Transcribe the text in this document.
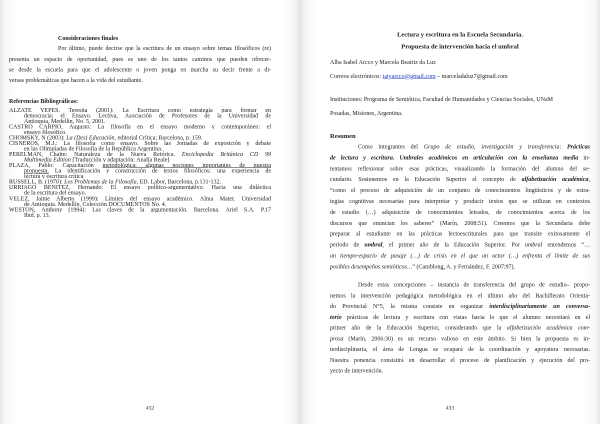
Consideraciones finales
Por último, puede decirse que la escritura de un ensayo sobre temas filosóficos (re)
presenta un espacio de oportunidad, pues es uno de los tantos caminos que pueden ofrecer-
se desde la escuela para que el adolescente o joven ponga en marcha su decir frente a di-
versas problemáticas que hacen a la vida del estudiante.
Referencias Bibliográficas:
ALZATE YEPES. Teresita (2001): La Escritura como estrategia para formar en
democracia; el Ensayo. Lectiva, Asociación de Profesores de la Universidad de
Antioquia, Medellín, No. 5, 2001.
CASTRO CARPIO, Augusto: La filosofía en el ensayo moderno y contemporáneo: el
ensayo filosófico.
CHOMSKY, N (2003): La (Des) Educación, editorial Crítica; Barcelona, p. 159.
CISNEROS, M.J.: La filosofía como ensayo. Sobre las Jornadas de exposición y debate
en las Olimpíadas de Filosofía de la República Argentina.
PERELMAN, Chaïm: Naturaleza de la Nueva Retórica. Enciclopedia Británica CD 99
Multimedia Edition [Traducción y adaptación: Analía Reale]
PLAZA, Pablo: Capacitación metodológica: algunas nociones importantes de nuestra
propuesta. La identificación y construcción de textos filosóficos: una experiencia de
lectura y escritura crítica
RUSSELL, B. (1970): Los Problemas de la Filosofía, ED. Labor, Barcelona, p.131-132.
URRIAGO BENÍTEZ, Hernando: El ensayo político-argumentativo. Hacia una didáctica
de la escritura del ensayo.
VELEZ, Jaime Alberto (1999): Límites del ensayo académico. Alma Mater. Universidad
de Antioquia. Medellín, Colección DOCUMENTOS No. 4.
WESTON, Anthony (1994): Las claves de la argumentación. Barcelona. Ariel S.A. P.17
Ibid. p. 13.
432
Lectura y escritura en la Escuela Secundaria.
Propuesta de intervención hacia el umbral
Alba Isabel Arcco y Marcela Beatriz da Luz
Correos electrónicos: tatyarcco@gmail.com – marceladaluz7@gmail.com
Instituciones: Programa de Semiótica, Facultad de Humanidades y Ciencias Sociales, UNaM
Posadas, Misiones, Argentina.
Resumen
Como integrantes del Grupo de estudio, investigación y transferencia: Prácticas
de lectura y escritura. Umbrales académicos en articulación con la enseñanza media in-
tentamos reflexionar sobre esas prácticas, visualizando la formación del alumno del se-
cundario. Sostenemos en la Educación Superior el concepto de alfabetización académica,
“como el proceso de adquisición de un conjunto de conocimientos lingüísticos y de estra-
tegias cognitivas necesarias para interpretar y producir textos que se utilizan en contextos
de estudio (…) adquisición de conocimientos letrados, de conocimientos acerca de los
discursos que enuncian los saberes” (Marín, 2008:51). Creemos que la Secundaria debe
preparar al estudiante en las prácticas lectoescriturales para que transite exitosamente el
período de umbral, el primer año de la Educación Superior. Por umbral entendemos “…
un tiempo-espacio de pasaje (…) de crisis en el que un actor (…) enfrenta el límite de sus
posibles desempeños semióticos…” (Camblong, A. y Fernández, F. 2007:97).
Desde estas concepciones – instancia de transferencia del grupo de estudio– propo-
nemos la intervención pedagógica metodológica en el último año del Bachillerato Orienta-
do Provincial N°5, la misma consiste en organizar interdisciplinariamente un conversa-
torio prácticas de lectura y escritura con vistas hacia lo que el alumno necesitará en el
primer año de la Educación Superior, considerando que la alfabetización académica com-
prosa (Marín, 2006:30) es un recurso valioso en este ámbito. Si bien la propuesta es in-
terdisciplinaria, el área de Lengua se ocupará de la coordinación y apoyatura necesarias.
Nuestra ponencia consistirá en desarrollar el proceso de planificación y ejecución del pro-
yecto de intervención.
433
